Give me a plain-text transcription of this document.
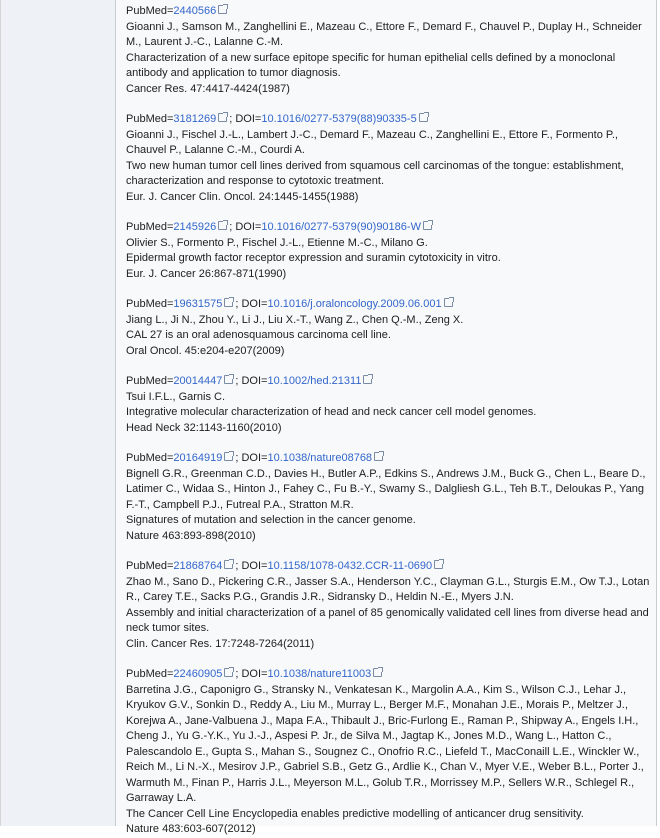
PubMed=2440566
Gioanni J., Samson M., Zanghellini E., Mazeau C., Ettore F., Demard F., Chauvel P., Duplay H., Schneider M., Laurent J.-C., Lalanne C.-M.
Characterization of a new surface epitope specific for human epithelial cells defined by a monoclonal antibody and application to tumor diagnosis.
Cancer Res. 47:4417-4424(1987)
PubMed=3181269 ; DOI=10.1016/0277-5379(88)90335-5
Gioanni J., Fischel J.-L., Lambert J.-C., Demard F., Mazeau C., Zanghellini E., Ettore F., Formento P., Chauvel P., Lalanne C.-M., Courdi A.
Two new human tumor cell lines derived from squamous cell carcinomas of the tongue: establishment, characterization and response to cytotoxic treatment.
Eur. J. Cancer Clin. Oncol. 24:1445-1455(1988)
PubMed=2145926 ; DOI=10.1016/0277-5379(90)90186-W
Olivier S., Formento P., Fischel J.-L., Etienne M.-C., Milano G.
Epidermal growth factor receptor expression and suramin cytotoxicity in vitro.
Eur. J. Cancer 26:867-871(1990)
PubMed=19631575 ; DOI=10.1016/j.oraloncology.2009.06.001
Jiang L., Ji N., Zhou Y., Li J., Liu X.-T., Wang Z., Chen Q.-M., Zeng X.
CAL 27 is an oral adenosquamous carcinoma cell line.
Oral Oncol. 45:e204-e207(2009)
PubMed=20014447 ; DOI=10.1002/hed.21311
Tsui I.F.L., Garnis C.
Integrative molecular characterization of head and neck cancer cell model genomes.
Head Neck 32:1143-1160(2010)
PubMed=20164919 ; DOI=10.1038/nature08768
Bignell G.R., Greenman C.D., Davies H., Butler A.P., Edkins S., Andrews J.M., Buck G., Chen L., Beare D., Latimer C., Widaa S., Hinton J., Fahey C., Fu B.-Y., Swamy S., Dalgliesh G.L., Teh B.T., Deloukas P., Yang F.-T., Campbell P.J., Futreal P.A., Stratton M.R.
Signatures of mutation and selection in the cancer genome.
Nature 463:893-898(2010)
PubMed=21868764 ; DOI=10.1158/1078-0432.CCR-11-0690
Zhao M., Sano D., Pickering C.R., Jasser S.A., Henderson Y.C., Clayman G.L., Sturgis E.M., Ow T.J., Lotan R., Carey T.E., Sacks P.G., Grandis J.R., Sidransky D., Heldin N.-E., Myers J.N.
Assembly and initial characterization of a panel of 85 genomically validated cell lines from diverse head and neck tumor sites.
Clin. Cancer Res. 17:7248-7264(2011)
PubMed=22460905 ; DOI=10.1038/nature11003
Barretina J.G., Caponigro G., Stransky N., Venkatesan K., Margolin A.A., Kim S., Wilson C.J., Lehar J., Kryukov G.V., Sonkin D., Reddy A., Liu M., Murray L., Berger M.F., Monahan J.E., Morais P., Meltzer J., Korejwa A., Jane-Valbuena J., Mapa F.A., Thibault J., Bric-Furlong E., Raman P., Shipway A., Engels I.H., Cheng J., Yu G.-Y.K., Yu J.-J., Aspesi P. Jr., de Silva M., Jagtap K., Jones M.D., Wang L., Hatton C., Palescandolo E., Gupta S., Mahan S., Sougnez C., Onofrio R.C., Liefeld T., MacConaill L.E., Winckler W., Reich M., Li N.-X., Mesirov J.P., Gabriel S.B., Getz G., Ardlie K., Chan V., Myer V.E., Weber B.L., Porter J., Warmuth M., Finan P., Harris J.L., Meyerson M.L., Golub T.R., Morrissey M.P., Sellers W.R., Schlegel R., Garraway L.A.
The Cancer Cell Line Encyclopedia enables predictive modelling of anticancer drug sensitivity.
Nature 483:603-607(2012)
